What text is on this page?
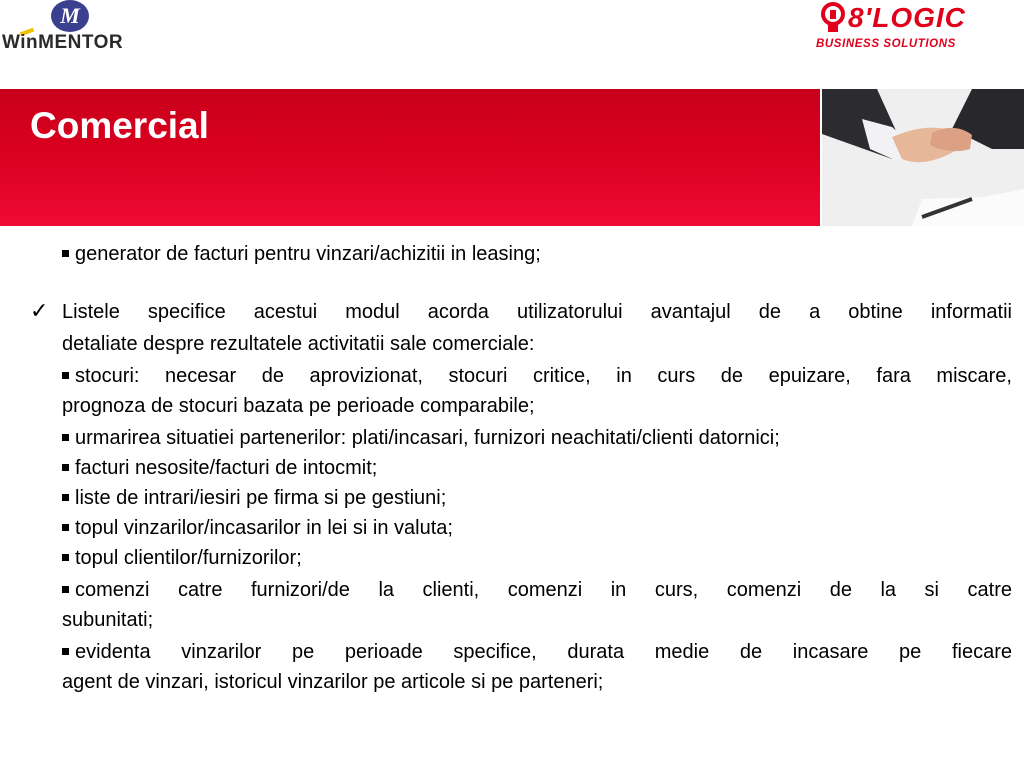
M
WinMENTOR
8'LOGIC
BUSINESS SOLUTIONS
Comercial
generator de facturi pentru vinzari/achizitii in leasing;
✓ Listele specifice acestui modul acorda utilizatorului avantajul de a obtine informatii
detaliate despre rezultatele activitatii sale comerciale:
stocuri: necesar de aprovizionat, stocuri critice, in curs de epuizare, fara miscare,
prognoza de stocuri bazata pe perioade comparabile;
urmarirea situatiei partenerilor: plati/incasari, furnizori neachitati/clienti datornici;
facturi nesosite/facturi de intocmit;
liste de intrari/iesiri pe firma si pe gestiuni;
topul vinzarilor/incasarilor in lei si in valuta;
topul clientilor/furnizorilor;
comenzi catre furnizori/de la clienti, comenzi in curs, comenzi de la si catre
subunitati;
evidenta vinzarilor pe perioade specifice, durata medie de incasare pe fiecare
agent de vinzari, istoricul vinzarilor pe articole si pe parteneri;
